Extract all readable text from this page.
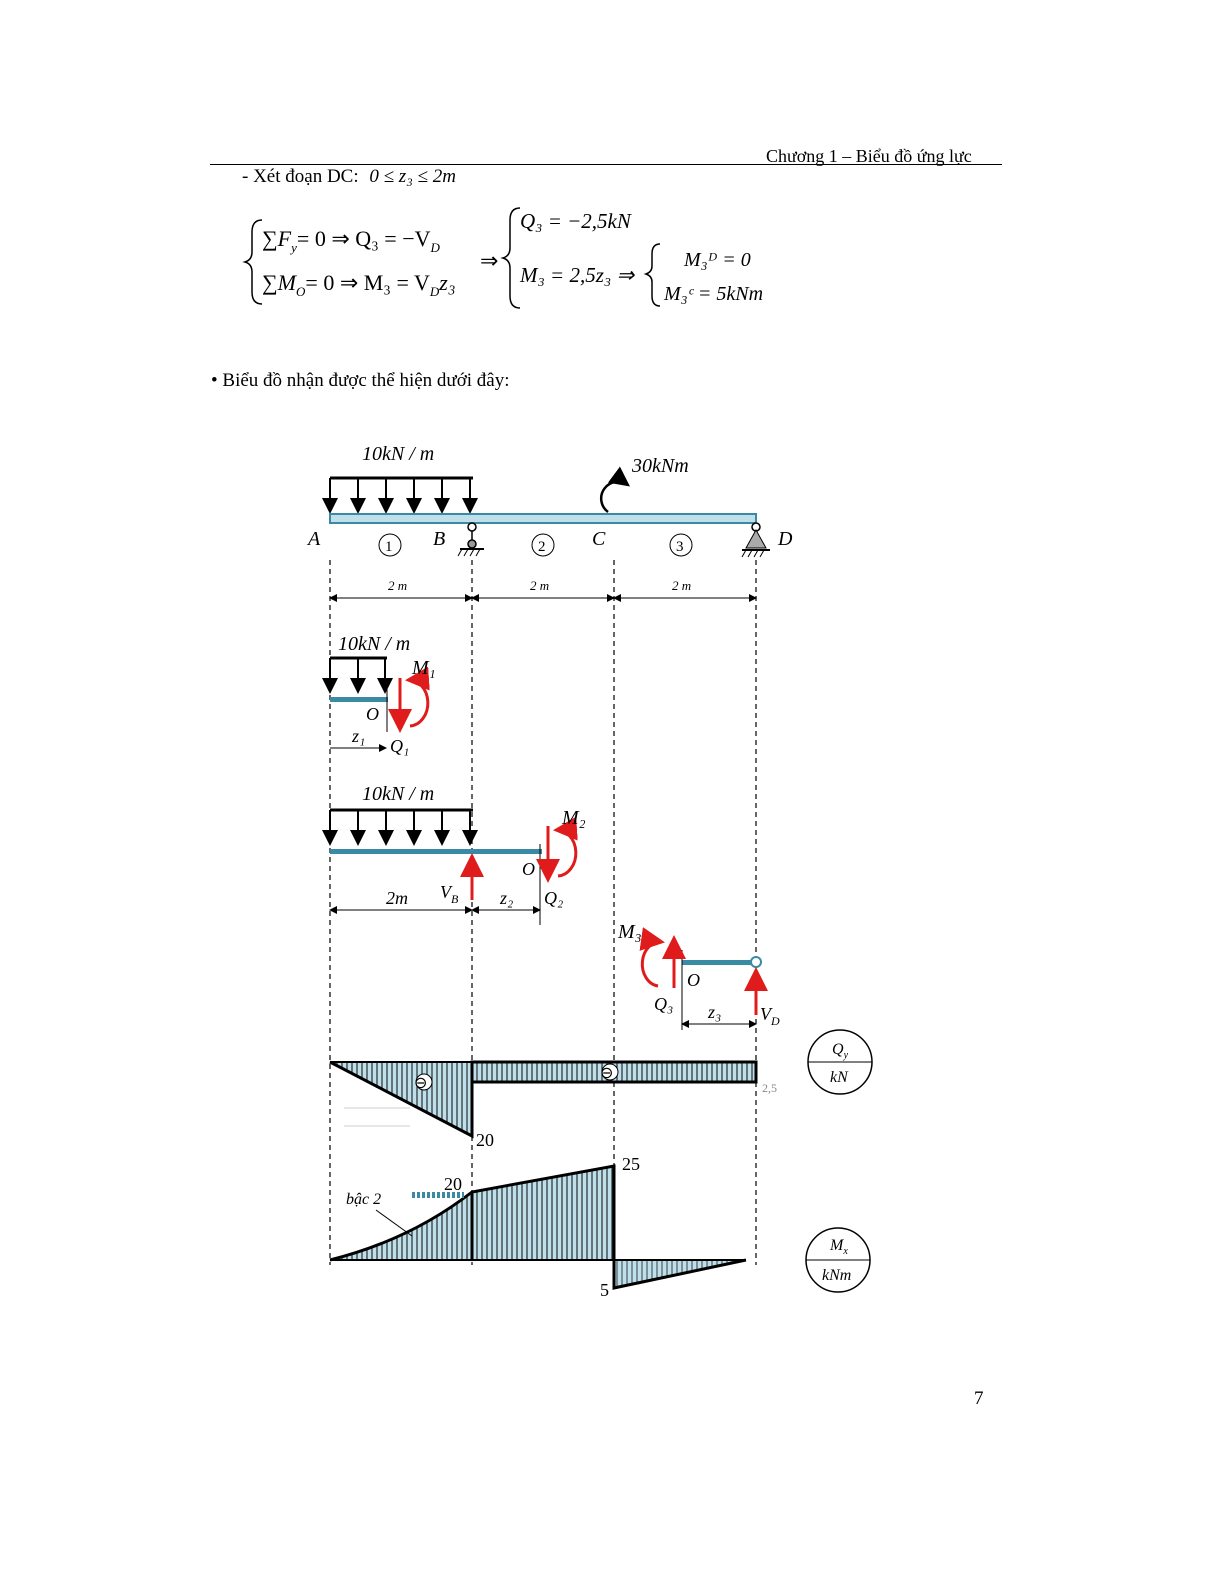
Chương 1 – Biểu đồ ứng lực
- Xét đoạn DC: 0 ≤ z₃ ≤ 2m
$\sum F_y= 0$ ⇒ $Q_3 = -V_D$
$\sum M_O= 0$ ⇒ $M_3 = V_Dz_3$
⇒
Q₃ = −2,5kN
M₃ = 2,5z₃ ⇒
M₃ᴰ = 0
M₃ᶜ = 5kNm
• Biểu đồ nhận được thể hiện dưới đây:
10kN / m
30kNm
A	B	C	D
1	2	3
2 m	2 m	2 m
10kN / m
M₁
O
z₁ Q₁
10kN / m
M₂
O
2m $V_B$ z₂ Q₂
M₃
O
Q₃ z₃ $V_D$
⊖
⊖
2,5
20
20
25
5
bậc 2
$Q_y$
kN
$M_x$
kNm
7
